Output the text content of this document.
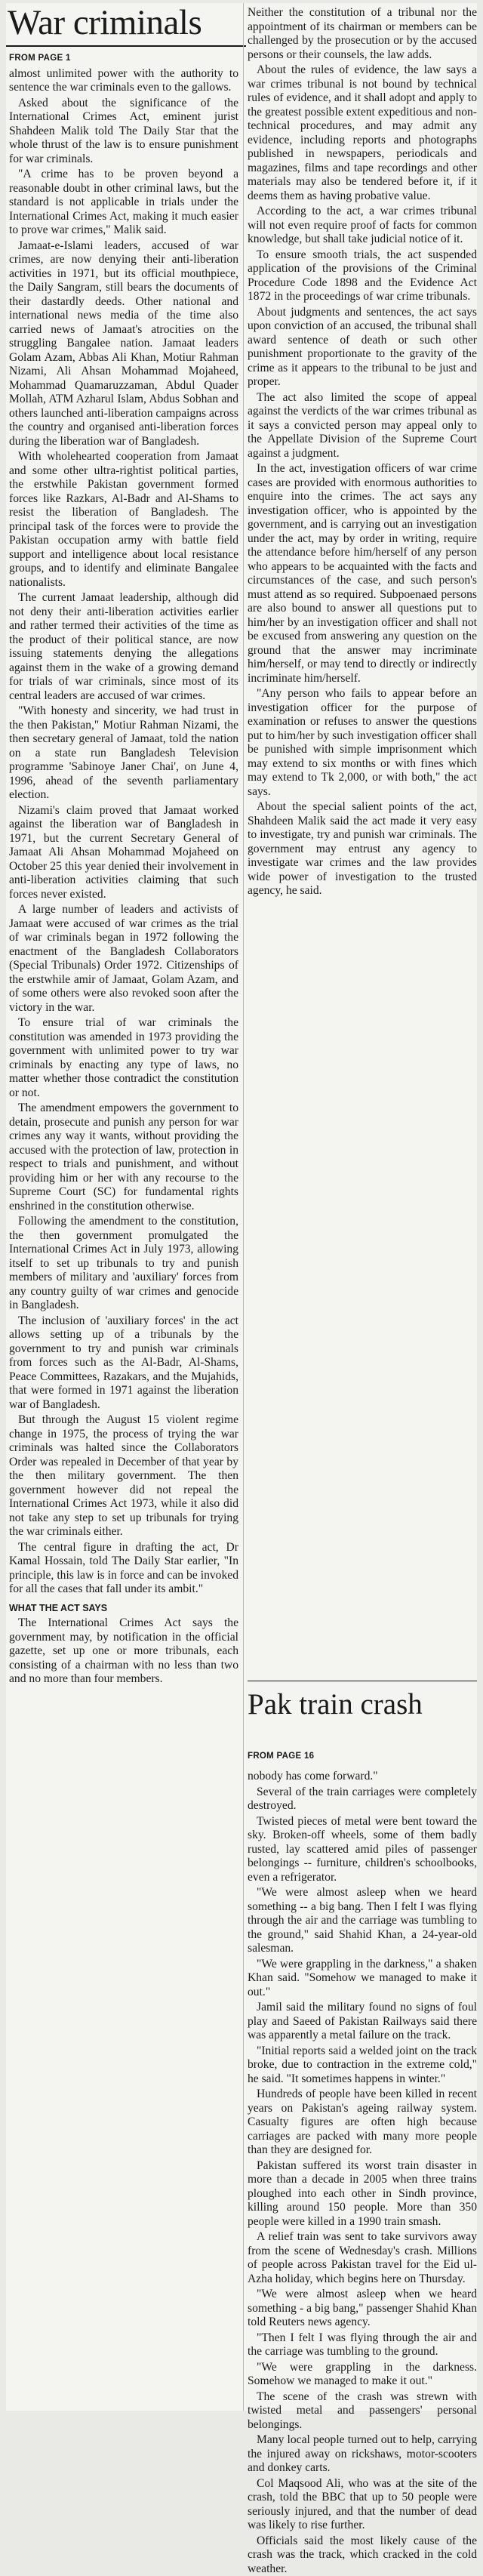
War criminals
FROM PAGE 1

almost unlimited power with the authority to sentence the war criminals even to the gallows.

Asked about the significance of the International Crimes Act, eminent jurist Shahdeen Malik told The Daily Star that the whole thrust of the law is to ensure punishment for war criminals.

"A crime has to be proven beyond a reasonable doubt in other criminal laws, but the standard is not applicable in trials under the International Crimes Act, making it much easier to prove war crimes," Malik said.

Jamaat-e-Islami leaders, accused of war crimes, are now denying their anti-liberation activities in 1971, but its official mouthpiece, the Daily Sangram, still bears the documents of their dastardly deeds. Other national and international news media of the time also carried news of Jamaat's atrocities on the struggling Bangalee nation. Jamaat leaders Golam Azam, Abbas Ali Khan, Motiur Rahman Nizami, Ali Ahsan Mohammad Mojaheed, Mohammad Quamaruzzaman, Abdul Quader Mollah, ATM Azharul Islam, Abdus Sobhan and others launched anti-liberation campaigns across the country and organised anti-liberation forces during the liberation war of Bangladesh.

With wholehearted cooperation from Jamaat and some other ultra-rightist political parties, the erstwhile Pakistan government formed forces like Razkars, Al-Badr and Al-Shams to resist the liberation of Bangladesh. The principal task of the forces were to provide the Pakistan occupation army with battle field support and intelligence about local resistance groups, and to identify and eliminate Bangalee nationalists.

The current Jamaat leadership, although did not deny their anti-liberation activities earlier and rather termed their activities of the time as the product of their political stance, are now issuing statements denying the allegations against them in the wake of a growing demand for trials of war criminals, since most of its central leaders are accused of war crimes.

"With honesty and sincerity, we had trust in the then Pakistan," Motiur Rahman Nizami, the then secretary general of Jamaat, told the nation on a state run Bangladesh Television programme 'Sabinoye Janer Chai', on June 4, 1996, ahead of the seventh parliamentary election.

Nizami's claim proved that Jamaat worked against the liberation war of Bangladesh in 1971, but the current Secretary General of Jamaat Ali Ahsan Mohammad Mojaheed on October 25 this year denied their involvement in anti-liberation activities claiming that such forces never existed.

A large number of leaders and activists of Jamaat were accused of war crimes as the trial of war criminals began in 1972 following the enactment of the Bangladesh Collaborators (Special Tribunals) Order 1972. Citizenships of the erstwhile amir of Jamaat, Golam Azam, and of some others were also revoked soon after the victory in the war.

To ensure trial of war criminals the constitution was amended in 1973 providing the government with unlimited power to try war criminals by enacting any type of laws, no matter whether those contradict the constitution or not.

The amendment empowers the government to detain, prosecute and punish any person for war crimes any way it wants, without providing the accused with the protection of law, protection in respect to trials and punishment, and without providing him or her with any recourse to the Supreme Court (SC) for fundamental rights enshrined in the constitution otherwise.

Following the amendment to the constitution, the then government promulgated the International Crimes Act in July 1973, allowing itself to set up tribunals to try and punish members of military and 'auxiliary' forces from any country guilty of war crimes and genocide in Bangladesh.

The inclusion of 'auxiliary forces' in the act allows setting up of a tribunals by the government to try and punish war criminals from forces such as the Al-Badr, Al-Shams, Peace Committees, Razakars, and the Mujahids, that were formed in 1971 against the liberation war of Bangladesh.

But through the August 15 violent regime change in 1975, the process of trying the war criminals was halted since the Collaborators Order was repealed in December of that year by the then military government. The then government however did not repeal the International Crimes Act 1973, while it also did not take any step to set up tribunals for trying the war criminals either.

The central figure in drafting the act, Dr Kamal Hossain, told The Daily Star earlier, "In principle, this law is in force and can be invoked for all the cases that fall under its ambit."

WHAT THE ACT SAYS

The International Crimes Act says the government may, by notification in the official gazette, set up one or more tribunals, each consisting of a chairman with no less than two and no more than four members.

Neither the constitution of a tribunal nor the appointment of its chairman or members can be challenged by the prosecution or by the accused persons or their counsels, the law adds.

About the rules of evidence, the law says a war crimes tribunal is not bound by technical rules of evidence, and it shall adopt and apply to the greatest possible extent expeditious and non-technical procedures, and may admit any evidence, including reports and photographs published in newspapers, periodicals and magazines, films and tape recordings and other materials may also be tendered before it, if it deems them as having probative value.

According to the act, a war crimes tribunal will not even require proof of facts for common knowledge, but shall take judicial notice of it.

To ensure smooth trials, the act suspended application of the provisions of the Criminal Procedure Code 1898 and the Evidence Act 1872 in the proceedings of war crime tribunals.

About judgments and sentences, the act says upon conviction of an accused, the tribunal shall award sentence of death or such other punishment proportionate to the gravity of the crime as it appears to the tribunal to be just and proper.

The act also limited the scope of appeal against the verdicts of the war crimes tribunal as it says a convicted person may appeal only to the Appellate Division of the Supreme Court against a judgment.

In the act, investigation officers of war crime cases are provided with enormous authorities to enquire into the crimes. The act says any investigation officer, who is appointed by the government, and is carrying out an investigation under the act, may by order in writing, require the attendance before him/herself of any person who appears to be acquainted with the facts and circumstances of the case, and such person's must attend as so required. Subpoenaed persons are also bound to answer all questions put to him/her by an investigation officer and shall not be excused from answering any question on the ground that the answer may incriminate him/herself, or may tend to directly or indirectly incriminate him/herself.

"Any person who fails to appear before an investigation officer for the purpose of examination or refuses to answer the questions put to him/her by such investigation officer shall be punished with simple imprisonment which may extend to six months or with fines which may extend to Tk 2,000, or with both," the act says.

About the special salient points of the act, Shahdeen Malik said the act made it very easy to investigate, try and punish war criminals. The government may entrust any agency to investigate war crimes and the law provides wide power of investigation to the trusted agency, he said.

Pak train crash
FROM PAGE 16

nobody has come forward."

Several of the train carriages were completely destroyed.

Twisted pieces of metal were bent toward the sky. Broken-off wheels, some of them badly rusted, lay scattered amid piles of passenger belongings -- furniture, children's schoolbooks, even a refrigerator.

"We were almost asleep when we heard something -- a big bang. Then I felt I was flying through the air and the carriage was tumbling to the ground," said Shahid Khan, a 24-year-old salesman.

"We were grappling in the darkness," a shaken Khan said. "Somehow we managed to make it out."

Jamil said the military found no signs of foul play and Saeed of Pakistan Railways said there was apparently a metal failure on the track.

"Initial reports said a welded joint on the track broke, due to contraction in the extreme cold," he said. "It sometimes happens in winter."

Hundreds of people have been killed in recent years on Pakistan's ageing railway system. Casualty figures are often high because carriages are packed with many more people than they are designed for.

Pakistan suffered its worst train disaster in more than a decade in 2005 when three trains ploughed into each other in Sindh province, killing around 150 people. More than 350 people were killed in a 1990 train smash.

A relief train was sent to take survivors away from the scene of Wednesday's crash. Millions of people across Pakistan travel for the Eid ul-Azha holiday, which begins here on Thursday.

"We were almost asleep when we heard something - a big bang," passenger Shahid Khan told Reuters news agency.

"Then I felt I was flying through the air and the carriage was tumbling to the ground.

"We were grappling in the darkness. Somehow we managed to make it out."

The scene of the crash was strewn with twisted metal and passengers' personal belongings.

Many local people turned out to help, carrying the injured away on rickshaws, motor-scooters and donkey carts.

Col Maqsood Ali, who was at the site of the crash, told the BBC that up to 50 people were seriously injured, and that the number of dead was likely to rise further.

Officials said the most likely cause of the crash was the track, which cracked in the cold weather.
